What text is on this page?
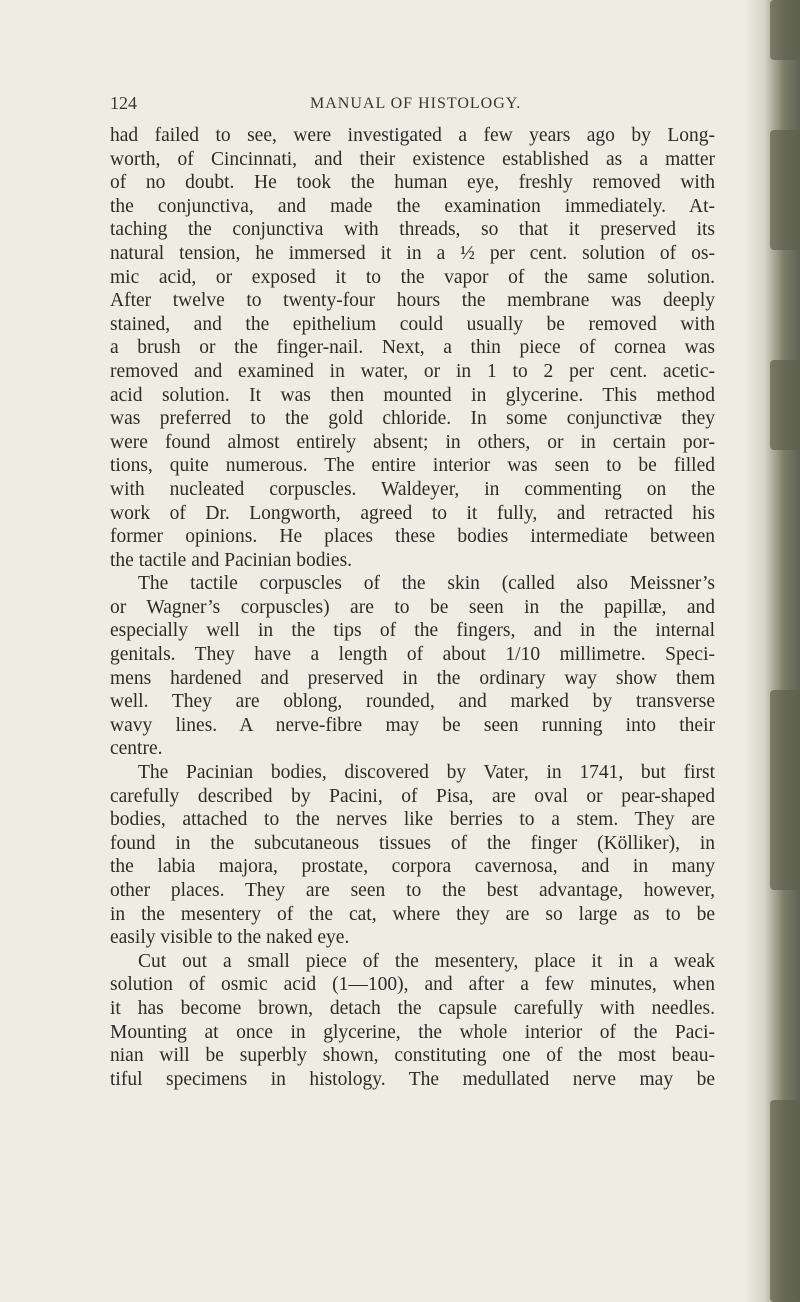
124	MANUAL OF HISTOLOGY.
had failed to see, were investigated a few years ago by Long-
worth, of Cincinnati, and their existence established as a matter
of no doubt. He took the human eye, freshly removed with
the conjunctiva, and made the examination immediately. At-
taching the conjunctiva with threads, so that it preserved its
natural tension, he immersed it in a ½ per cent. solution of os-
mic acid, or exposed it to the vapor of the same solution.
After twelve to twenty-four hours the membrane was deeply
stained, and the epithelium could usually be removed with
a brush or the finger-nail. Next, a thin piece of cornea was
removed and examined in water, or in 1 to 2 per cent. acetic-
acid solution. It was then mounted in glycerine. This method
was preferred to the gold chloride. In some conjunctivæ they
were found almost entirely absent; in others, or in certain por-
tions, quite numerous. The entire interior was seen to be filled
with nucleated corpuscles. Waldeyer, in commenting on the
work of Dr. Longworth, agreed to it fully, and retracted his
former opinions. He places these bodies intermediate between
the tactile and Pacinian bodies.
The tactile corpuscles of the skin (called also Meissner’s
or Wagner’s corpuscles) are to be seen in the papillæ, and
especially well in the tips of the fingers, and in the internal
genitals. They have a length of about 1/10 millimetre. Speci-
mens hardened and preserved in the ordinary way show them
well. They are oblong, rounded, and marked by transverse
wavy lines. A nerve-fibre may be seen running into their
centre.
The Pacinian bodies, discovered by Vater, in 1741, but first
carefully described by Pacini, of Pisa, are oval or pear-shaped
bodies, attached to the nerves like berries to a stem. They are
found in the subcutaneous tissues of the finger (Kölliker), in
the labia majora, prostate, corpora cavernosa, and in many
other places. They are seen to the best advantage, however,
in the mesentery of the cat, where they are so large as to be
easily visible to the naked eye.
Cut out a small piece of the mesentery, place it in a weak
solution of osmic acid (1—100), and after a few minutes, when
it has become brown, detach the capsule carefully with needles.
Mounting at once in glycerine, the whole interior of the Paci-
nian will be superbly shown, constituting one of the most beau-
tiful specimens in histology. The medullated nerve may be
